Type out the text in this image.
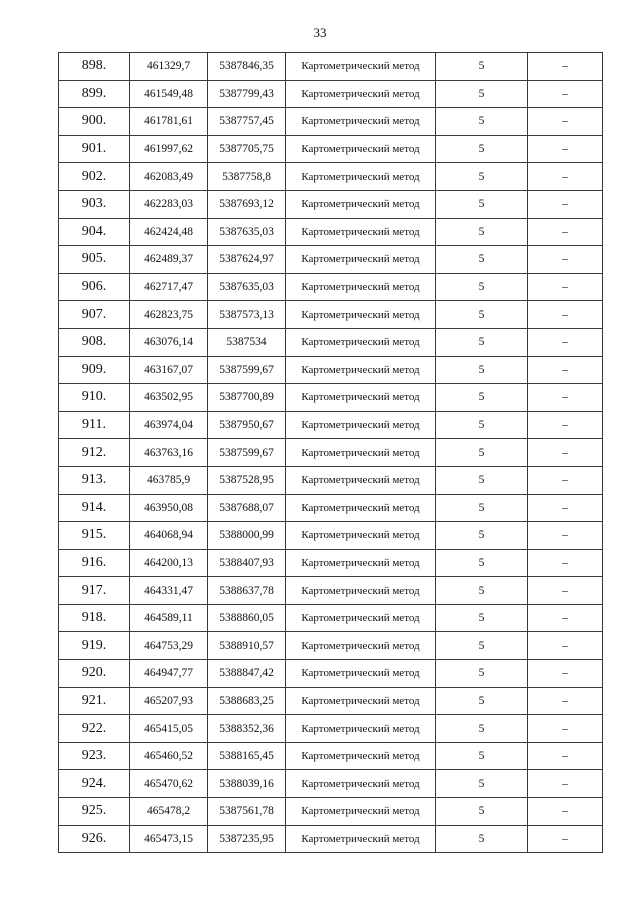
33
898.	461329,7	5387846,35	Картометрический метод	5	–
899.	461549,48	5387799,43	Картометрический метод	5	–
900.	461781,61	5387757,45	Картометрический метод	5	–
901.	461997,62	5387705,75	Картометрический метод	5	–
902.	462083,49	5387758,8	Картометрический метод	5	–
903.	462283,03	5387693,12	Картометрический метод	5	–
904.	462424,48	5387635,03	Картометрический метод	5	–
905.	462489,37	5387624,97	Картометрический метод	5	–
906.	462717,47	5387635,03	Картометрический метод	5	–
907.	462823,75	5387573,13	Картометрический метод	5	–
908.	463076,14	5387534	Картометрический метод	5	–
909.	463167,07	5387599,67	Картометрический метод	5	–
910.	463502,95	5387700,89	Картометрический метод	5	–
911.	463974,04	5387950,67	Картометрический метод	5	–
912.	463763,16	5387599,67	Картометрический метод	5	–
913.	463785,9	5387528,95	Картометрический метод	5	–
914.	463950,08	5387688,07	Картометрический метод	5	–
915.	464068,94	5388000,99	Картометрический метод	5	–
916.	464200,13	5388407,93	Картометрический метод	5	–
917.	464331,47	5388637,78	Картометрический метод	5	–
918.	464589,11	5388860,05	Картометрический метод	5	–
919.	464753,29	5388910,57	Картометрический метод	5	–
920.	464947,77	5388847,42	Картометрический метод	5	–
921.	465207,93	5388683,25	Картометрический метод	5	–
922.	465415,05	5388352,36	Картометрический метод	5	–
923.	465460,52	5388165,45	Картометрический метод	5	–
924.	465470,62	5388039,16	Картометрический метод	5	–
925.	465478,2	5387561,78	Картометрический метод	5	–
926.	465473,15	5387235,95	Картометрический метод	5	–
